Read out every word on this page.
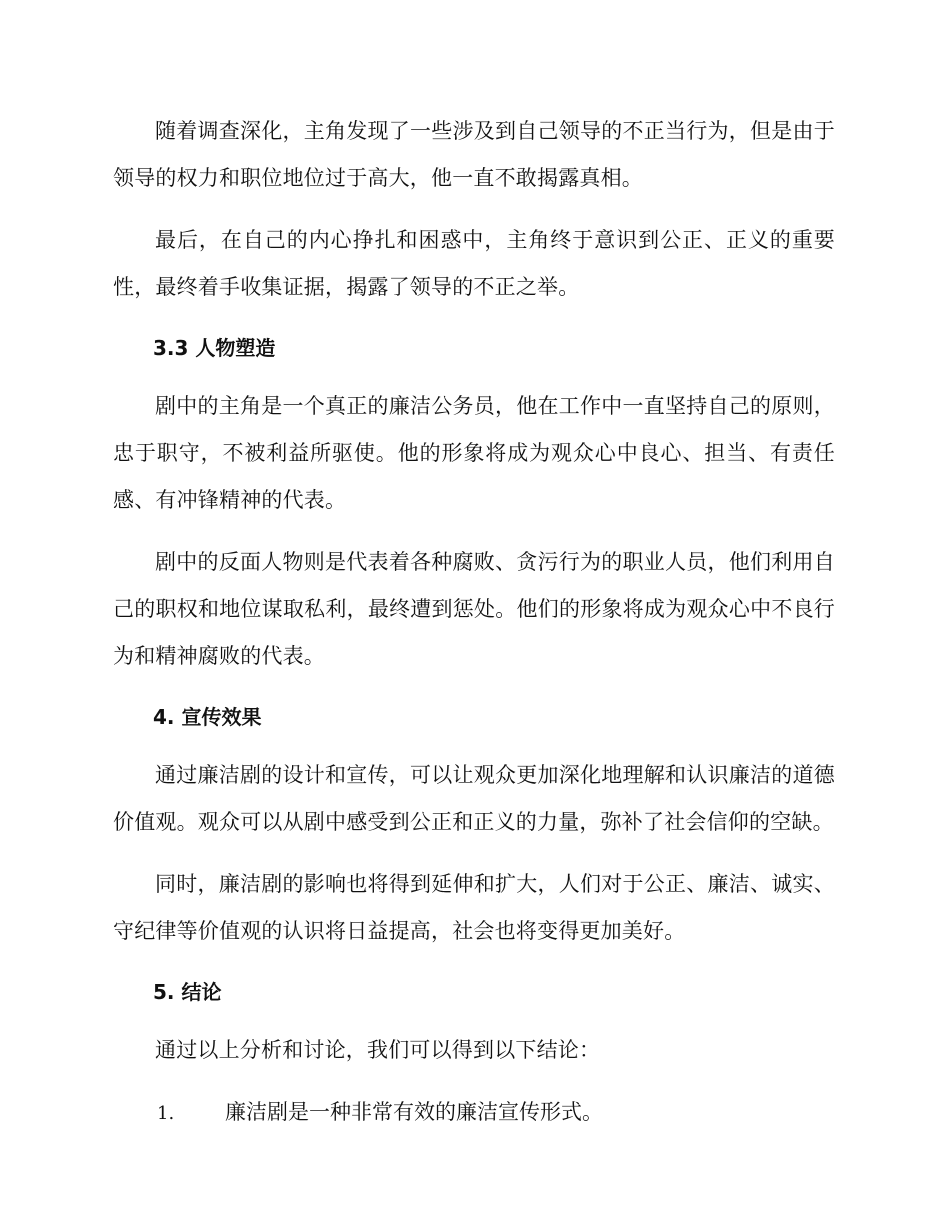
随着调查深化，主角发现了一些涉及到自己领导的不正当行为，但是由于领导的权力和职位地位过于高大，他一直不敢揭露真相。

最后，在自己的内心挣扎和困惑中，主角终于意识到公正、正义的重要性，最终着手收集证据，揭露了领导的不正之举。

3.3 人物塑造

剧中的主角是一个真正的廉洁公务员，他在工作中一直坚持自己的原则，忠于职守，不被利益所驱使。他的形象将成为观众心中良心、担当、有责任感、有冲锋精神的代表。

剧中的反面人物则是代表着各种腐败、贪污行为的职业人员，他们利用自己的职权和地位谋取私利，最终遭到惩处。他们的形象将成为观众心中不良行为和精神腐败的代表。

4. 宣传效果

通过廉洁剧的设计和宣传，可以让观众更加深化地理解和认识廉洁的道德价值观。观众可以从剧中感受到公正和正义的力量，弥补了社会信仰的空缺。

同时，廉洁剧的影响也将得到延伸和扩大，人们对于公正、廉洁、诚实、守纪律等价值观的认识将日益提高，社会也将变得更加美好。

5. 结论

通过以上分析和讨论，我们可以得到以下结论：

1. 廉洁剧是一种非常有效的廉洁宣传形式。
